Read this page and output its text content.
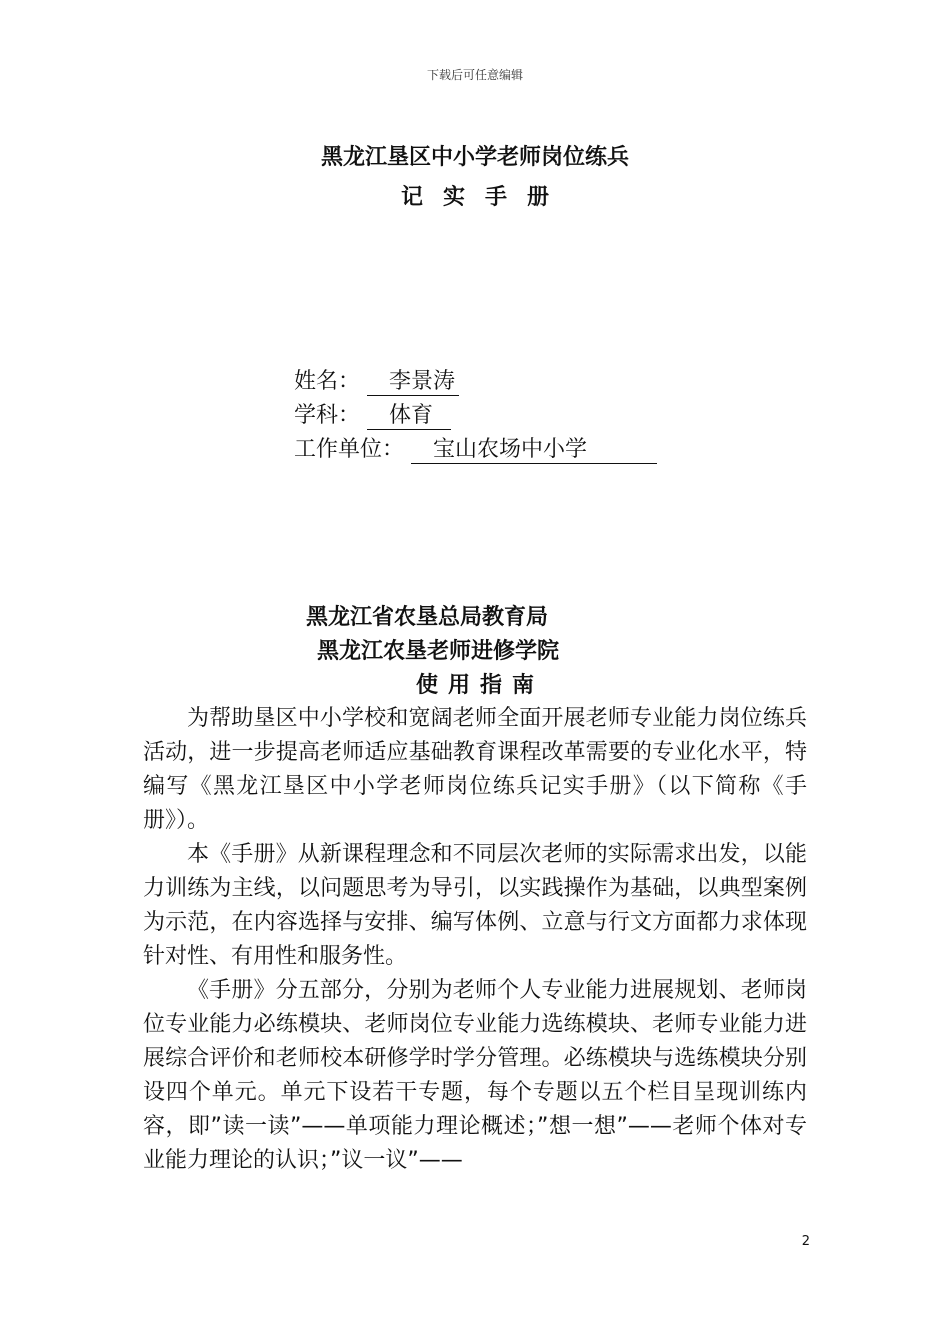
下载后可任意编辑
黑龙江垦区中小学老师岗位练兵
记实手册
姓名： 李景涛
学科： 体育
工作单位： 宝山农场中小学
黑龙江省农垦总局教育局
黑龙江农垦老师进修学院
使用指南

为帮助垦区中小学校和宽阔老师全面开展老师专业能力岗位练兵活动，进一步提高老师适应基础教育课程改革需要的专业化水平，特编写《黑龙江垦区中小学老师岗位练兵记实手册》（以下简称《手册》）。

本《手册》从新课程理念和不同层次老师的实际需求出发，以能力训练为主线，以问题思考为导引，以实践操作为基础，以典型案例为示范，在内容选择与安排、编写体例、立意与行文方面都力求体现针对性、有用性和服务性。

《手册》分五部分，分别为老师个人专业能力进展规划、老师岗位专业能力必练模块、老师岗位专业能力选练模块、老师专业能力进展综合评价和老师校本研修学时学分管理。必练模块与选练模块分别设四个单元。单元下设若干专题，每个专题以五个栏目呈现训练内容，即”读一读”——单项能力理论概述；”想一想”——老师个体对专业能力理论的认识；”议一议”——

2
